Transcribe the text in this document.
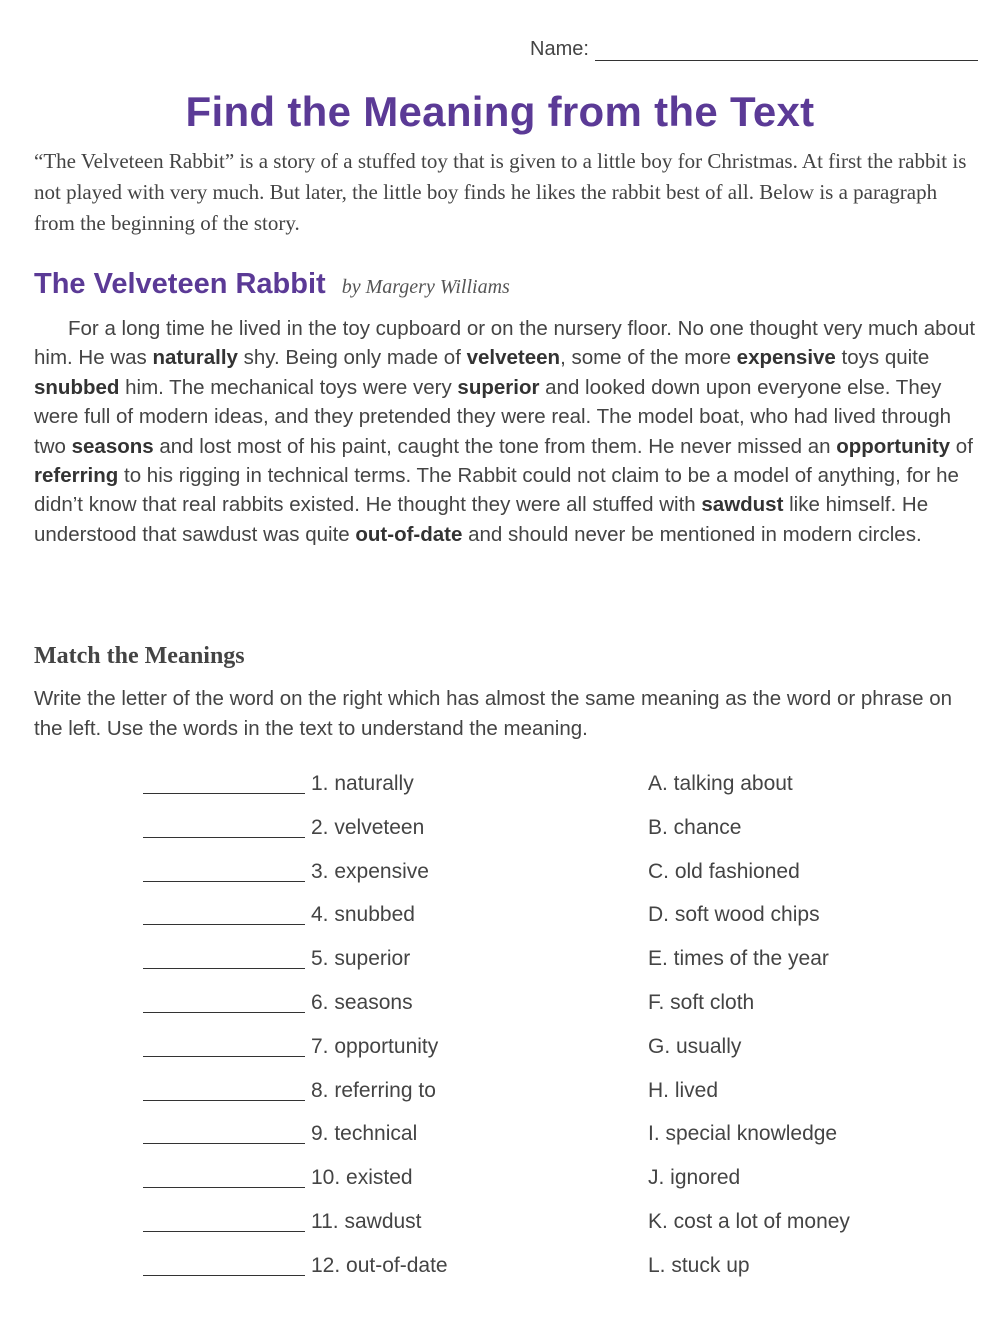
Name:
Find the Meaning from the Text
“The Velveteen Rabbit” is a story of a stuffed toy that is given to a little boy for Christmas. At first the rabbit is not played with very much. But later, the little boy finds he likes the rabbit best of all. Below is a paragraph from the beginning of the story.
The Velveteen Rabbit by Margery Williams
For a long time he lived in the toy cupboard or on the nursery floor. No one thought very much about him. He was naturally shy. Being only made of velveteen, some of the more expensive toys quite snubbed him. The mechanical toys were very superior and looked down upon everyone else. They were full of modern ideas, and they pretended they were real. The model boat, who had lived through two seasons and lost most of his paint, caught the tone from them. He never missed an opportunity of referring to his rigging in technical terms. The Rabbit could not claim to be a model of anything, for he didn’t know that real rabbits existed. He thought they were all stuffed with sawdust like himself. He understood that sawdust was quite out-of-date and should never be mentioned in modern circles.
Match the Meanings
Write the letter of the word on the right which has almost the same meaning as the word or phrase on the left. Use the words in the text to understand the meaning.
1. naturally	A. talking about
2. velveteen	B. chance
3. expensive	C. old fashioned
4. snubbed	D. soft wood chips
5. superior	E. times of the year
6. seasons	F. soft cloth
7. opportunity	G. usually
8. referring to	H. lived
9. technical	I. special knowledge
10. existed	J. ignored
11. sawdust	K. cost a lot of money
12. out-of-date	L. stuck up
